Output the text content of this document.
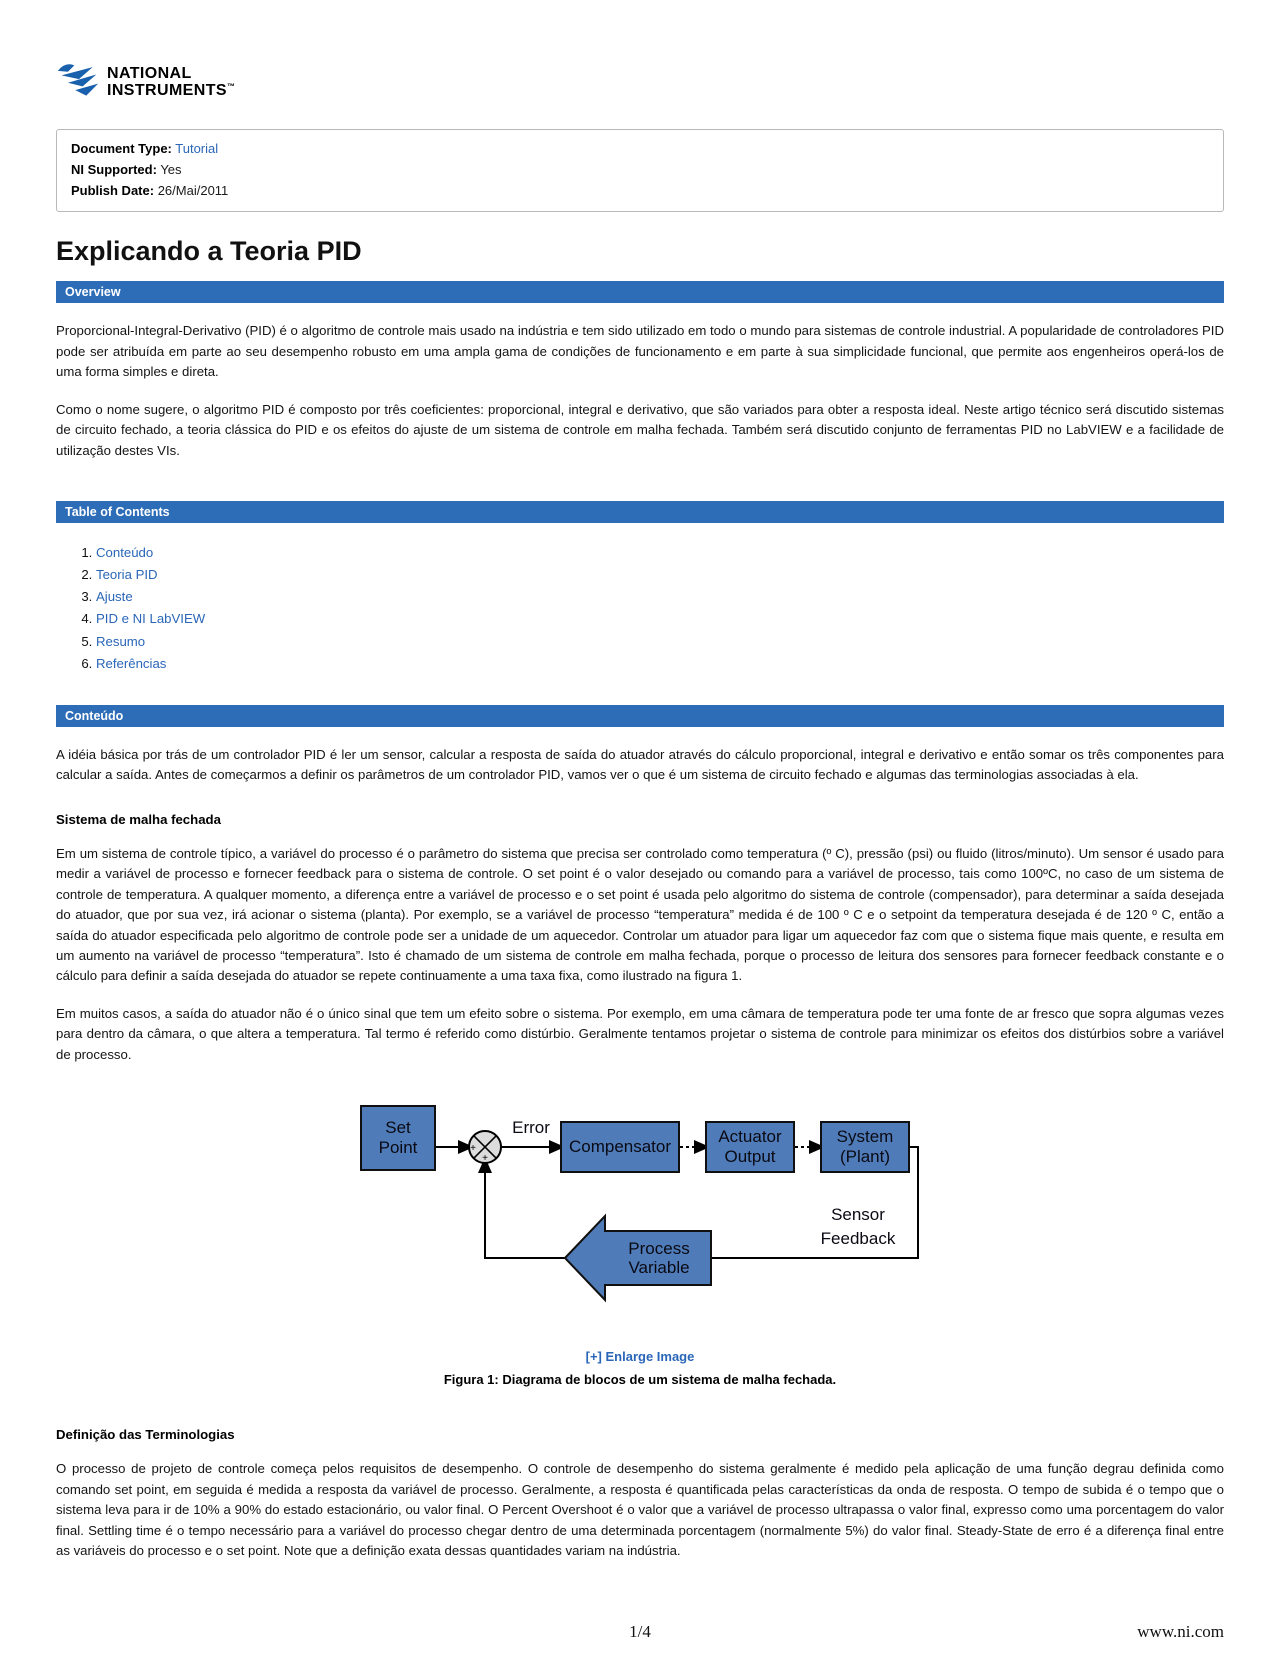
NATIONAL
INSTRUMENTS™
Document Type: Tutorial
NI Supported: Yes
Publish Date: 26/Mai/2011
Explicando a Teoria PID
Overview

Proporcional-Integral-Derivativo (PID) é o algoritmo de controle mais usado na indústria e tem sido utilizado em todo o mundo para sistemas de controle industrial. A popularidade de controladores PID pode ser atribuída em parte ao seu desempenho robusto em uma ampla gama de condições de funcionamento e em parte à sua simplicidade funcional, que permite aos engenheiros operá-los de uma forma simples e direta.

Como o nome sugere, o algoritmo PID é composto por três coeficientes: proporcional, integral e derivativo, que são variados para obter a resposta ideal. Neste artigo técnico será discutido sistemas de circuito fechado, a teoria clássica do PID e os efeitos do ajuste de um sistema de controle em malha fechada. Também será discutido conjunto de ferramentas PID no LabVIEW e a facilidade de utilização destes VIs.

Table of Contents
1. Conteúdo
2. Teoria PID
3. Ajuste
4. PID e NI LabVIEW
5. Resumo
6. Referências
Conteúdo

A idéia básica por trás de um controlador PID é ler um sensor, calcular a resposta de saída do atuador através do cálculo proporcional, integral e derivativo e então somar os três componentes para calcular a saída. Antes de começarmos a definir os parâmetros de um controlador PID, vamos ver o que é um sistema de circuito fechado e algumas das terminologias associadas à ela.

Sistema de malha fechada

Em um sistema de controle típico, a variável do processo é o parâmetro do sistema que precisa ser controlado como temperatura (º C), pressão (psi) ou fluido (litros/minuto). Um sensor é usado para medir a variável de processo e fornecer feedback para o sistema de controle. O set point é o valor desejado ou comando para a variável de processo, tais como 100ºC, no caso de um sistema de controle de temperatura. A qualquer momento, a diferença entre a variável de processo e o set point é usada pelo algoritmo do sistema de controle (compensador), para determinar a saída desejada do atuador, que por sua vez, irá acionar o sistema (planta). Por exemplo, se a variável de processo “temperatura” medida é de 100 º C e o setpoint da temperatura desejada é de 120 º C, então a saída do atuador especificada pelo algoritmo de controle pode ser a unidade de um aquecedor. Controlar um atuador para ligar um aquecedor faz com que o sistema fique mais quente, e resulta em um aumento na variável de processo “temperatura”. Isto é chamado de um sistema de controle em malha fechada, porque o processo de leitura dos sensores para fornecer feedback constante e o cálculo para definir a saída desejada do atuador se repete continuamente a uma taxa fixa, como ilustrado na figura 1.

Em muitos casos, a saída do atuador não é o único sinal que tem um efeito sobre o sistema. Por exemplo, em uma câmara de temperatura pode ter uma fonte de ar fresco que sopra algumas vezes para dentro da câmara, o que altera a temperatura. Tal termo é referido como distúrbio. Geralmente tentamos projetar o sistema de controle para minimizar os efeitos dos distúrbios sobre a variável de processo.

+
+
Set Point
Error
Compensator
Actuator Output
System (Plant)
Sensor
Feedback
Process Variable
[+] Enlarge Image
Figura 1: Diagrama de blocos de um sistema de malha fechada.
Definição das Terminologias

O processo de projeto de controle começa pelos requisitos de desempenho. O controle de desempenho do sistema geralmente é medido pela aplicação de uma função degrau definida como comando set point, em seguida é medida a resposta da variável de processo. Geralmente, a resposta é quantificada pelas características da onda de resposta. O tempo de subida é o tempo que o sistema leva para ir de 10% a 90% do estado estacionário, ou valor final. O Percent Overshoot é o valor que a variável de processo ultrapassa o valor final, expresso como uma porcentagem do valor final. Settling time é o tempo necessário para a variável do processo chegar dentro de uma determinada porcentagem (normalmente 5%) do valor final. Steady-State de erro é a diferença final entre as variáveis do processo e o set point. Note que a definição exata dessas quantidades variam na indústria.

1/4	www.ni.com
